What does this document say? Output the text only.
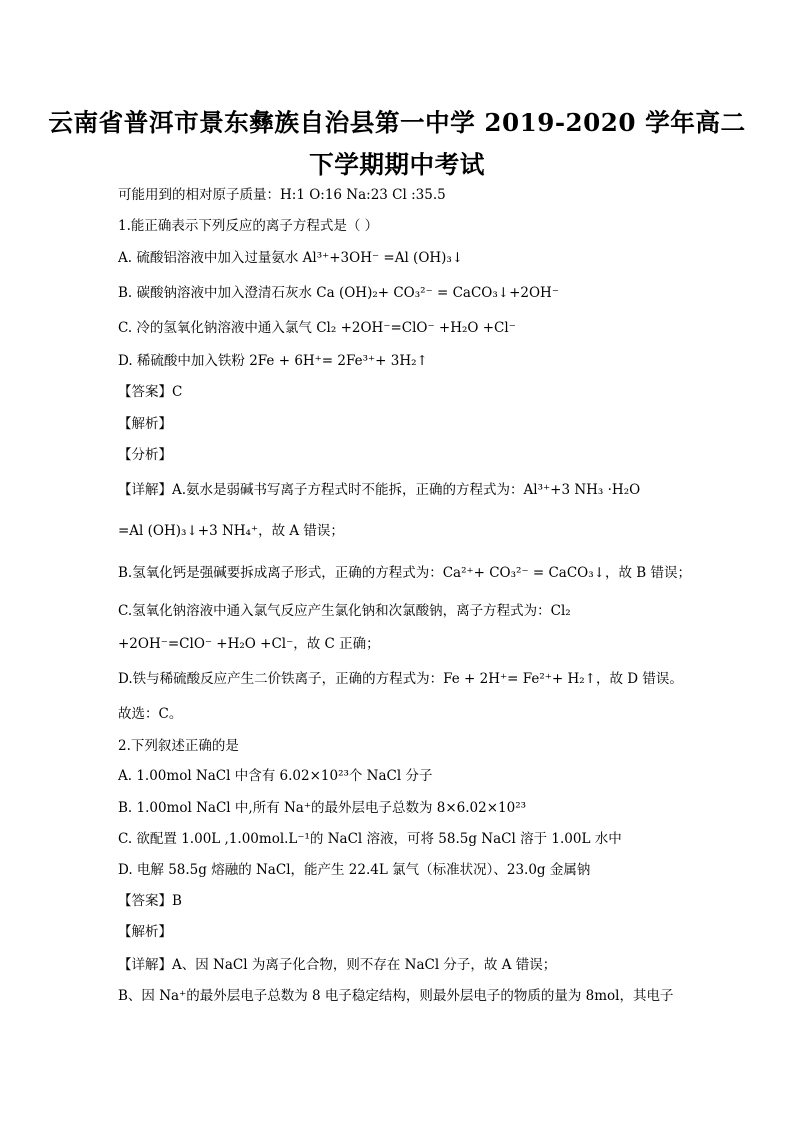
云南省普洱市景东彝族自治县第一中学 2019-2020 学年高二
下学期期中考试
可能用到的相对原子质量：H:1 O:16 Na:23 Cl :35.5
1.能正确表示下列反应的离子方程式是（ ）
A. 硫酸铝溶液中加入过量氨水 Al³⁺+3OH⁻ =Al (OH)₃↓
B. 碳酸钠溶液中加入澄清石灰水 Ca (OH)₂+ CO₃²⁻ = CaCO₃↓+2OH⁻
C. 冷的氢氧化钠溶液中通入氯气 Cl₂ +2OH⁻=ClO⁻ +H₂O +Cl⁻
D. 稀硫酸中加入铁粉 2Fe + 6H⁺= 2Fe³⁺+ 3H₂↑
【答案】C
【解析】
【分析】
【详解】A.氨水是弱碱书写离子方程式时不能拆，正确的方程式为：Al³⁺+3 NH₃ ·H₂O
=Al (OH)₃↓+3 NH₄⁺，故 A 错误；
B.氢氧化钙是强碱要拆成离子形式，正确的方程式为：Ca²⁺+ CO₃²⁻ = CaCO₃↓，故 B 错误；
C.氢氧化钠溶液中通入氯气反应产生氯化钠和次氯酸钠，离子方程式为：Cl₂
+2OH⁻=ClO⁻ +H₂O +Cl⁻，故 C 正确；
D.铁与稀硫酸反应产生二价铁离子，正确的方程式为：Fe + 2H⁺= Fe²⁺+ H₂↑，故 D 错误。
故选：C。
2.下列叙述正确的是
A. 1.00mol NaCl 中含有 6.02×10²³个 NaCl 分子
B. 1.00mol NaCl 中,所有 Na⁺的最外层电子总数为 8×6.02×10²³
C. 欲配置 1.00L ,1.00mol.L⁻¹的 NaCl 溶液，可将 58.5g NaCl 溶于 1.00L 水中
D. 电解 58.5g 熔融的 NaCl，能产生 22.4L 氯气（标准状况）、23.0g 金属钠
【答案】B
【解析】
【详解】A、因 NaCl 为离子化合物，则不存在 NaCl 分子，故 A 错误；
B、因 Na⁺的最外层电子总数为 8 电子稳定结构，则最外层电子的物质的量为 8mol，其电子
